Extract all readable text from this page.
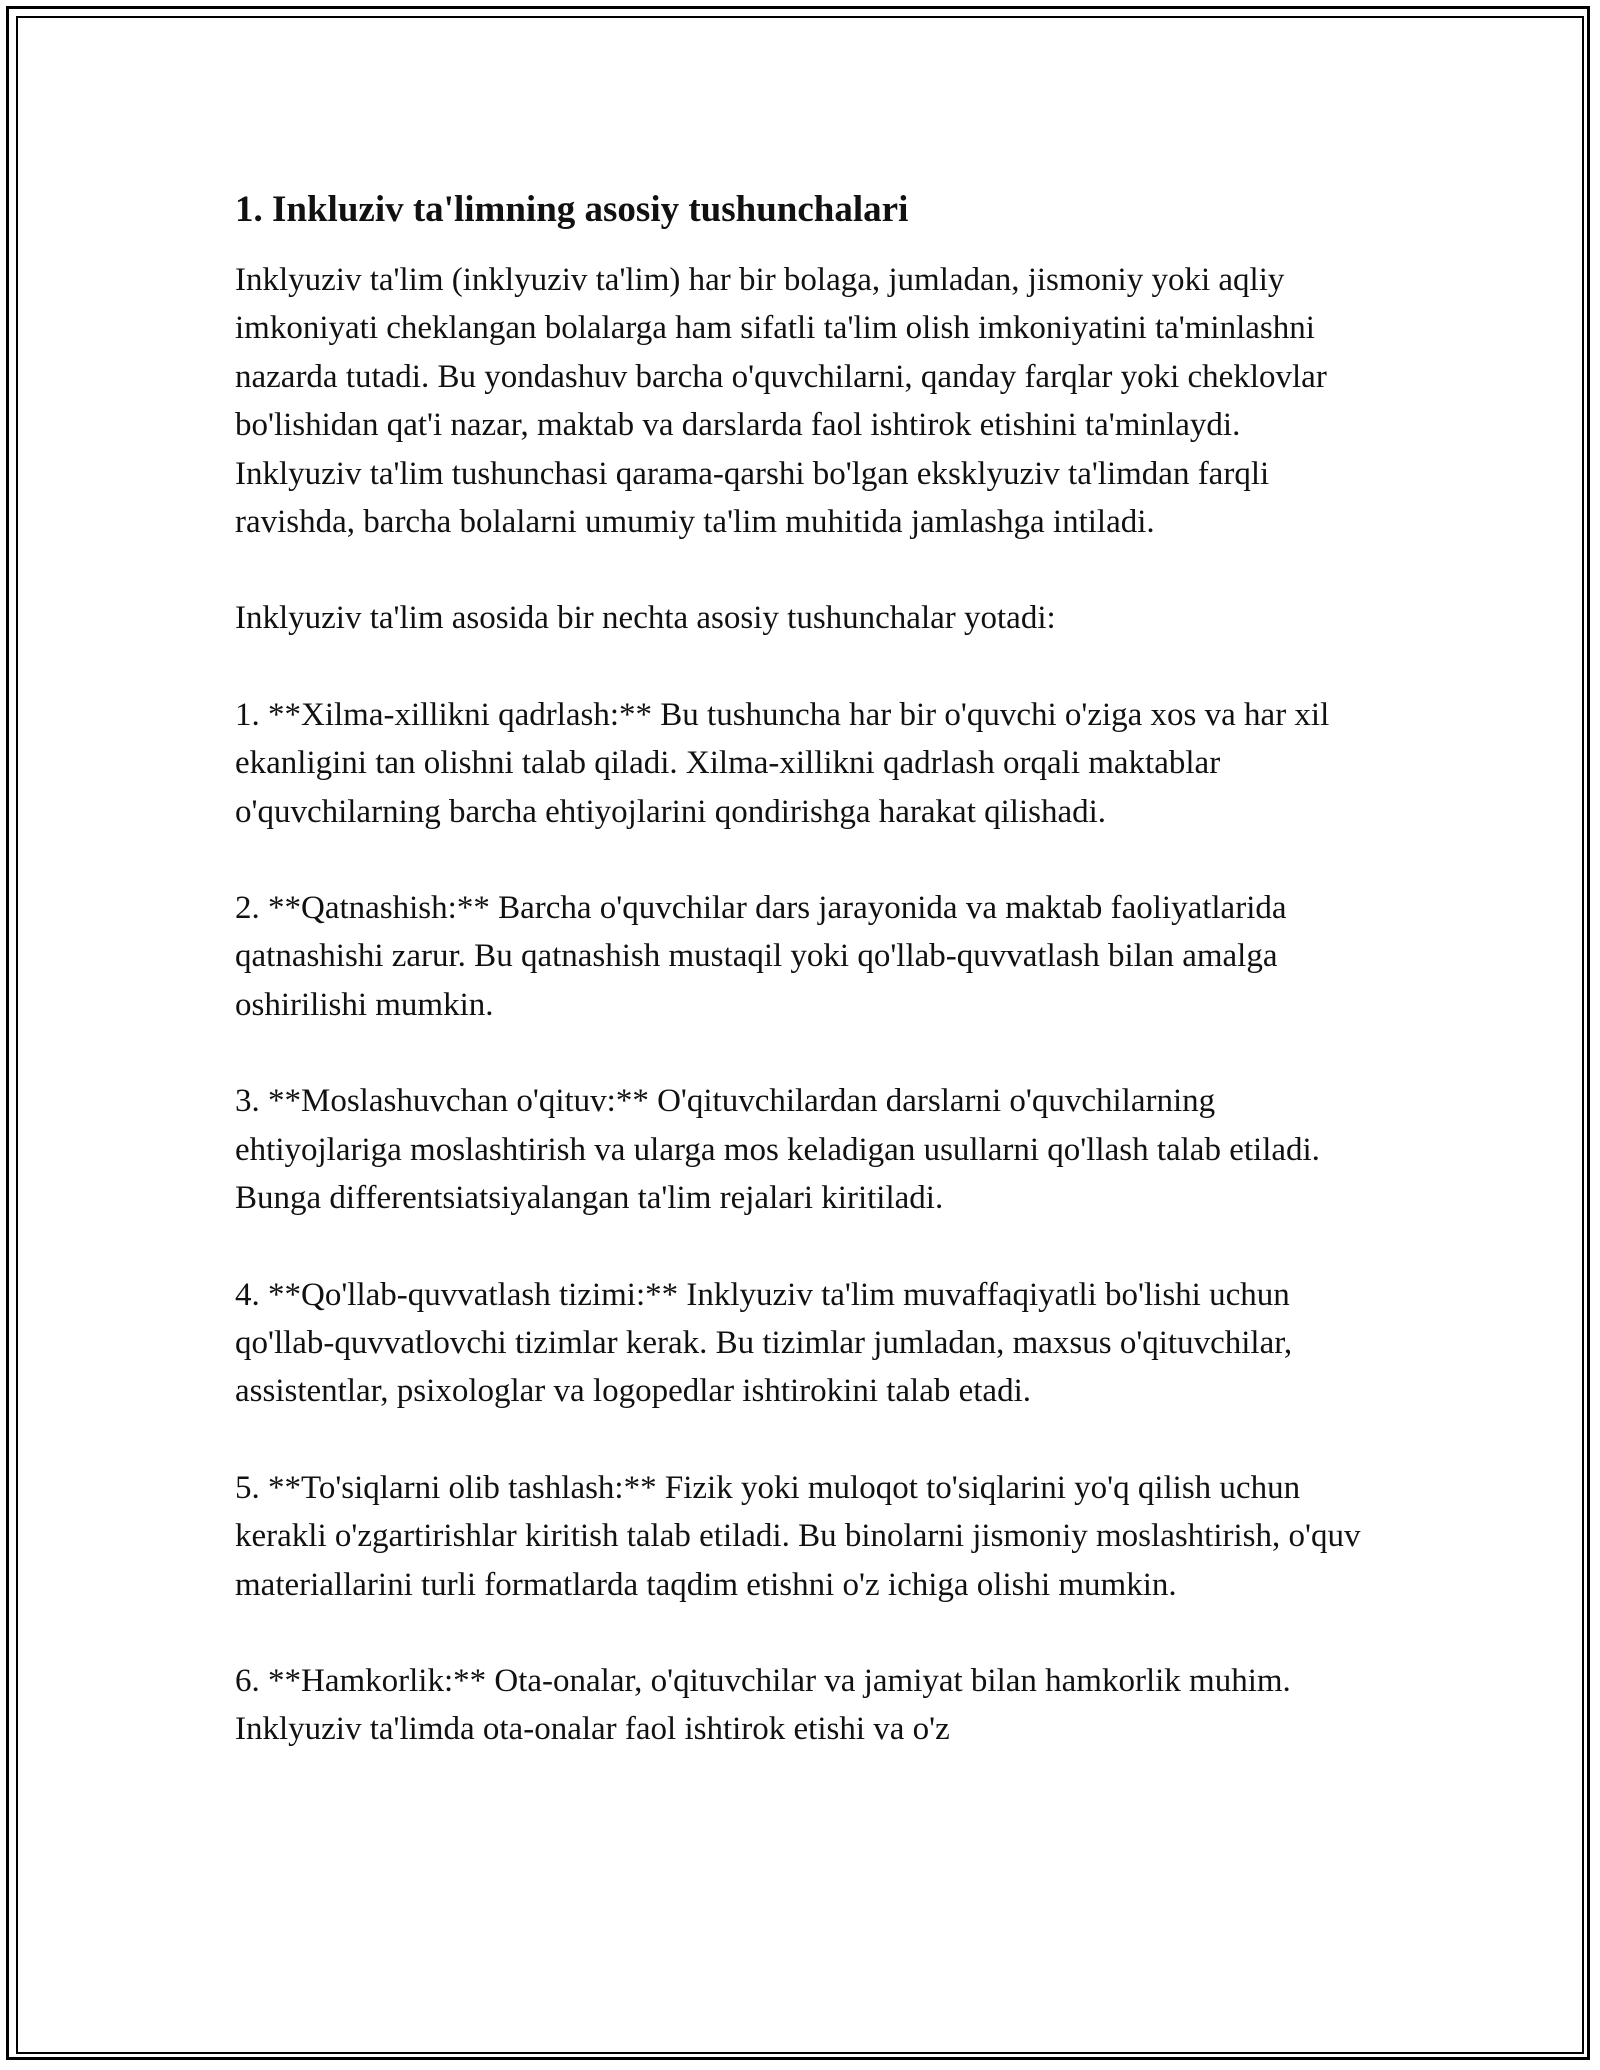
1. Inkluziv ta'limning asosiy tushunchalari

Inklyuziv ta'lim (inklyuziv ta'lim) har bir bolaga, jumladan, jismoniy yoki aqliy imkoniyati cheklangan bolalarga ham sifatli ta'lim olish imkoniyatini ta'minlashni nazarda tutadi. Bu yondashuv barcha o'quvchilarni, qanday farqlar yoki cheklovlar bo'lishidan qat'i nazar, maktab va darslarda faol ishtirok etishini ta'minlaydi. Inklyuziv ta'lim tushunchasi qarama-qarshi bo'lgan eksklyuziv ta'limdan farqli ravishda, barcha bolalarni umumiy ta'lim muhitida jamlashga intiladi.

Inklyuziv ta'lim asosida bir nechta asosiy tushunchalar yotadi:

1. **Xilma-xillikni qadrlash:** Bu tushuncha har bir o'quvchi o'ziga xos va har xil ekanligini tan olishni talab qiladi. Xilma-xillikni qadrlash orqali maktablar o'quvchilarning barcha ehtiyojlarini qondirishga harakat qilishadi.

2. **Qatnashish:** Barcha o'quvchilar dars jarayonida va maktab faoliyatlarida qatnashishi zarur. Bu qatnashish mustaqil yoki qo'llab-quvvatlash bilan amalga oshirilishi mumkin.

3. **Moslashuvchan o'qituv:** O'qituvchilardan darslarni o'quvchilarning ehtiyojlariga moslashtirish va ularga mos keladigan usullarni qo'llash talab etiladi. Bunga differentsiatsiyalangan ta'lim rejalari kiritiladi.

4. **Qo'llab-quvvatlash tizimi:** Inklyuziv ta'lim muvaffaqiyatli bo'lishi uchun qo'llab-quvvatlovchi tizimlar kerak. Bu tizimlar jumladan, maxsus o'qituvchilar, assistentlar, psixologlar va logopedlar ishtirokini talab etadi.

5. **To'siqlarni olib tashlash:** Fizik yoki muloqot to'siqlarini yo'q qilish uchun kerakli o'zgartirishlar kiritish talab etiladi. Bu binolarni jismoniy moslashtirish, o'quv materiallarini turli formatlarda taqdim etishni o'z ichiga olishi mumkin.

6. **Hamkorlik:** Ota-onalar, o'qituvchilar va jamiyat bilan hamkorlik muhim. Inklyuziv ta'limda ota-onalar faol ishtirok etishi va o'z
